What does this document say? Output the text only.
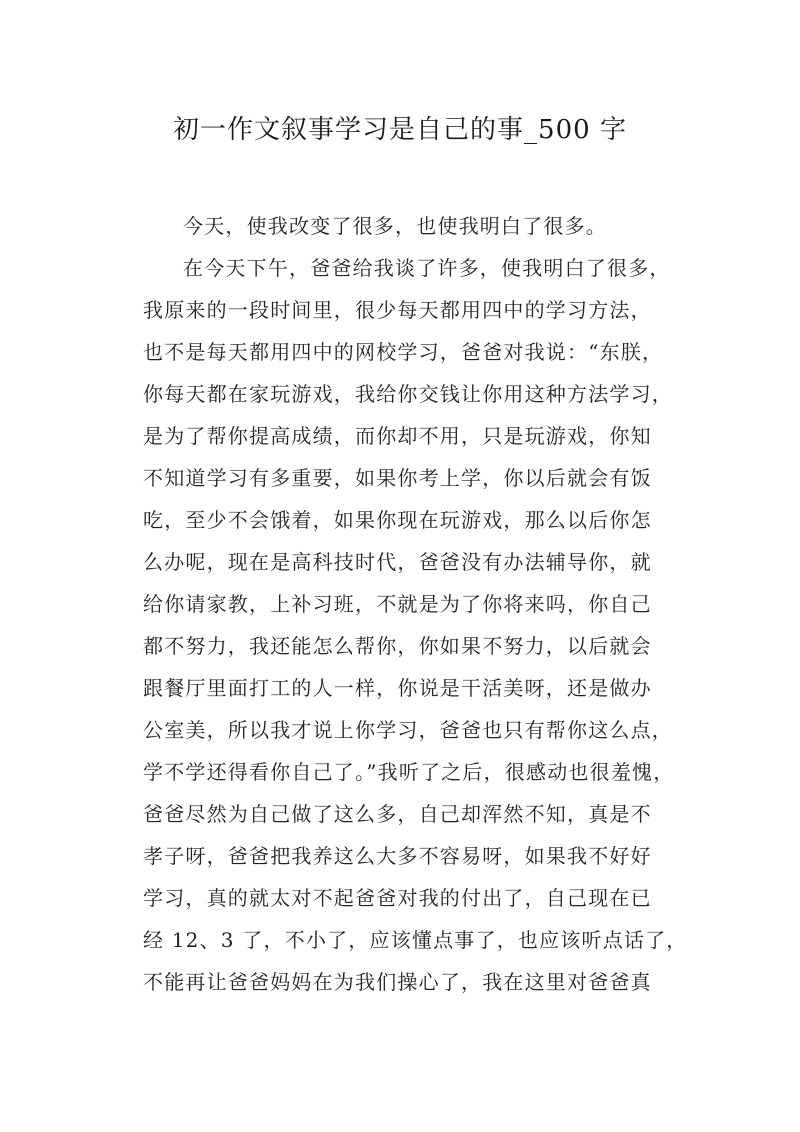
初一作文叙事学习是自己的事_500 字
今天，使我改变了很多，也使我明白了很多。
在今天下午，爸爸给我谈了许多，使我明白了很多，
我原来的一段时间里，很少每天都用四中的学习方法，
也不是每天都用四中的网校学习，爸爸对我说：“东朕，
你每天都在家玩游戏，我给你交钱让你用这种方法学习，
是为了帮你提高成绩，而你却不用，只是玩游戏，你知
不知道学习有多重要，如果你考上学，你以后就会有饭
吃，至少不会饿着，如果你现在玩游戏，那么以后你怎
么办呢，现在是高科技时代，爸爸没有办法辅导你，就
给你请家教，上补习班，不就是为了你将来吗，你自己
都不努力，我还能怎么帮你，你如果不努力，以后就会
跟餐厅里面打工的人一样，你说是干活美呀，还是做办
公室美，所以我才说上你学习，爸爸也只有帮你这么点，
学不学还得看你自己了。”我听了之后，很感动也很羞愧，
爸爸尽然为自己做了这么多，自己却浑然不知，真是不
孝子呀，爸爸把我养这么大多不容易呀，如果我不好好
学习，真的就太对不起爸爸对我的付出了，自己现在已
经 12、3 了，不小了，应该懂点事了，也应该听点话了，
不能再让爸爸妈妈在为我们操心了，我在这里对爸爸真
